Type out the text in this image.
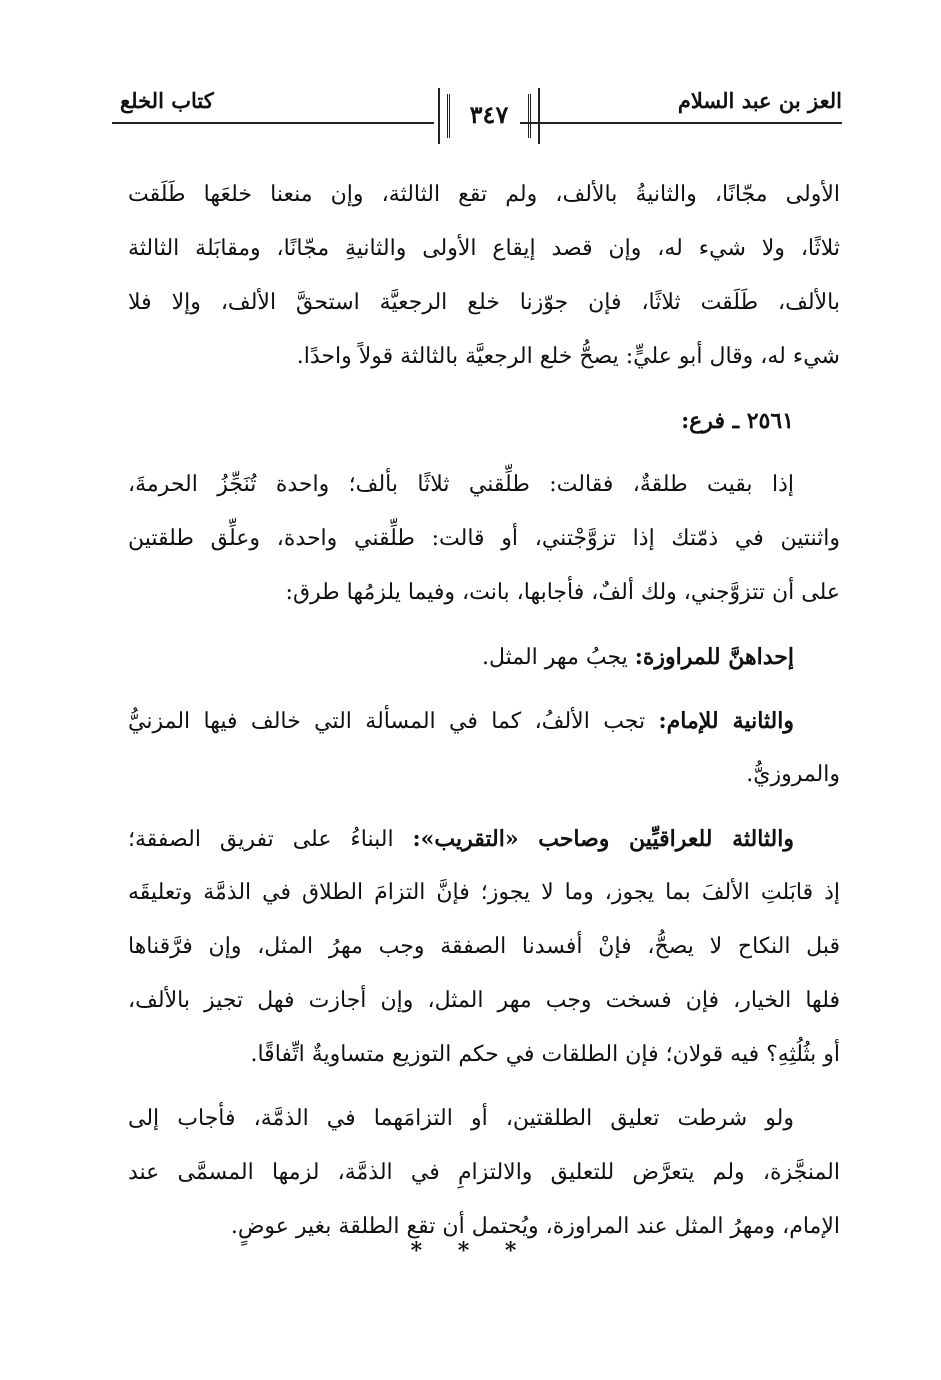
العز بن عبد السلام
كتاب الخلع	٣٤٧
الأولى مجّانًا، والثانيةُ بالألف، ولم تقع الثالثة، وإن منعنا خلعَها طَلَقت
ثلاثًا، ولا شيء له، وإن قصد إيقاع الأولى والثانيةِ مجّانًا، ومقابَلة الثالثة
بالألف، طَلَقت ثلاثًا، فإن جوّزنا خلع الرجعيَّة استحقَّ الألف، وإلا فلا
شيء له، وقال أبو عليٍّ: يصحُّ خلع الرجعيَّة بالثالثة قولاً واحدًا.
٢٥٦١ ـ فرع:
إذا بقيت طلقةٌ، فقالت: طلِّقني ثلاثًا بألف؛ واحدة تُنَجِّزُ الحرمةَ،
واثنتين في ذمّتك إذا تزوَّجْتني، أو قالت: طلِّقني واحدة، وعلِّق طلقتين
على أن تتزوَّجني، ولك ألفٌ، فأجابها، بانت، وفيما يلزمُها طرق:
إحداهنَّ للمراوزة: يجبُ مهر المثل.
والثانية للإمام: تجب الألفُ، كما في المسألة التي خالف فيها المزنيُّ
والمروزيُّ.
والثالثة للعراقيِّين وصاحب «التقريب»: البناءُ على تفريق الصفقة؛
إذ قابَلتِ الألفَ بما يجوز، وما لا يجوز؛ فإنَّ التزامَ الطلاق في الذمَّة وتعليقَه
قبل النكاح لا يصحُّ، فإنْ أفسدنا الصفقة وجب مهرُ المثل، وإن فرَّقناها
فلها الخيار، فإن فسخت وجب مهر المثل، وإن أجازت فهل تجيز بالألف،
أو بثُلُثِهِ؟ فيه قولان؛ فإن الطلقات في حكم التوزيع متساويةٌ اتِّفاقًا.
ولو شرطت تعليق الطلقتين، أو التزامَهما في الذمَّة، فأجاب إلى
المنجَّزة، ولم يتعرَّض للتعليق والالتزامِ في الذمَّة، لزمها المسمَّى عند
الإمام، ومهرُ المثل عند المراوزة، ويُحتمل أن تقع الطلقة بغير عوضٍ.
* * *
